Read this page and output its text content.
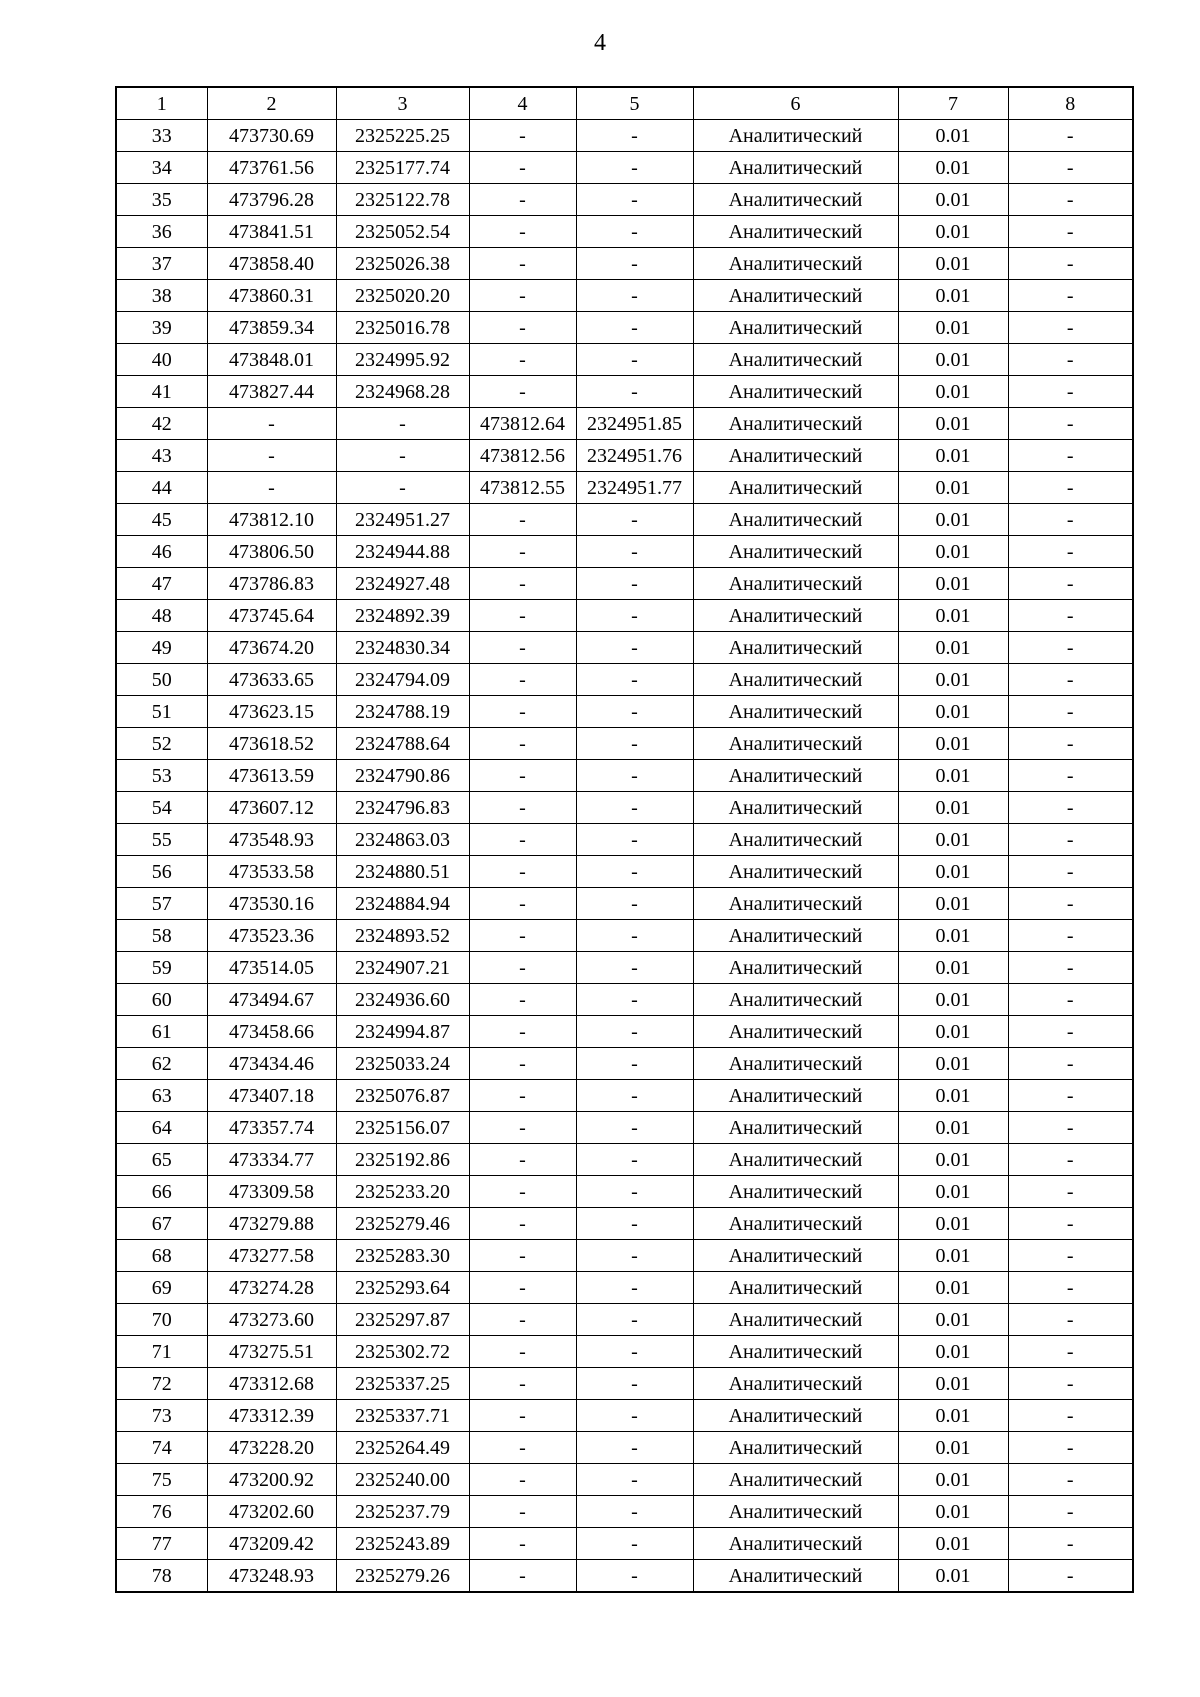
4
1	2	3	4	5	6	7	8
33	473730.69	2325225.25	-	-	Аналитический	0.01	-
34	473761.56	2325177.74	-	-	Аналитический	0.01	-
35	473796.28	2325122.78	-	-	Аналитический	0.01	-
36	473841.51	2325052.54	-	-	Аналитический	0.01	-
37	473858.40	2325026.38	-	-	Аналитический	0.01	-
38	473860.31	2325020.20	-	-	Аналитический	0.01	-
39	473859.34	2325016.78	-	-	Аналитический	0.01	-
40	473848.01	2324995.92	-	-	Аналитический	0.01	-
41	473827.44	2324968.28	-	-	Аналитический	0.01	-
42	-	-	473812.64	2324951.85	Аналитический	0.01	-
43	-	-	473812.56	2324951.76	Аналитический	0.01	-
44	-	-	473812.55	2324951.77	Аналитический	0.01	-
45	473812.10	2324951.27	-	-	Аналитический	0.01	-
46	473806.50	2324944.88	-	-	Аналитический	0.01	-
47	473786.83	2324927.48	-	-	Аналитический	0.01	-
48	473745.64	2324892.39	-	-	Аналитический	0.01	-
49	473674.20	2324830.34	-	-	Аналитический	0.01	-
50	473633.65	2324794.09	-	-	Аналитический	0.01	-
51	473623.15	2324788.19	-	-	Аналитический	0.01	-
52	473618.52	2324788.64	-	-	Аналитический	0.01	-
53	473613.59	2324790.86	-	-	Аналитический	0.01	-
54	473607.12	2324796.83	-	-	Аналитический	0.01	-
55	473548.93	2324863.03	-	-	Аналитический	0.01	-
56	473533.58	2324880.51	-	-	Аналитический	0.01	-
57	473530.16	2324884.94	-	-	Аналитический	0.01	-
58	473523.36	2324893.52	-	-	Аналитический	0.01	-
59	473514.05	2324907.21	-	-	Аналитический	0.01	-
60	473494.67	2324936.60	-	-	Аналитический	0.01	-
61	473458.66	2324994.87	-	-	Аналитический	0.01	-
62	473434.46	2325033.24	-	-	Аналитический	0.01	-
63	473407.18	2325076.87	-	-	Аналитический	0.01	-
64	473357.74	2325156.07	-	-	Аналитический	0.01	-
65	473334.77	2325192.86	-	-	Аналитический	0.01	-
66	473309.58	2325233.20	-	-	Аналитический	0.01	-
67	473279.88	2325279.46	-	-	Аналитический	0.01	-
68	473277.58	2325283.30	-	-	Аналитический	0.01	-
69	473274.28	2325293.64	-	-	Аналитический	0.01	-
70	473273.60	2325297.87	-	-	Аналитический	0.01	-
71	473275.51	2325302.72	-	-	Аналитический	0.01	-
72	473312.68	2325337.25	-	-	Аналитический	0.01	-
73	473312.39	2325337.71	-	-	Аналитический	0.01	-
74	473228.20	2325264.49	-	-	Аналитический	0.01	-
75	473200.92	2325240.00	-	-	Аналитический	0.01	-
76	473202.60	2325237.79	-	-	Аналитический	0.01	-
77	473209.42	2325243.89	-	-	Аналитический	0.01	-
78	473248.93	2325279.26	-	-	Аналитический	0.01	-
